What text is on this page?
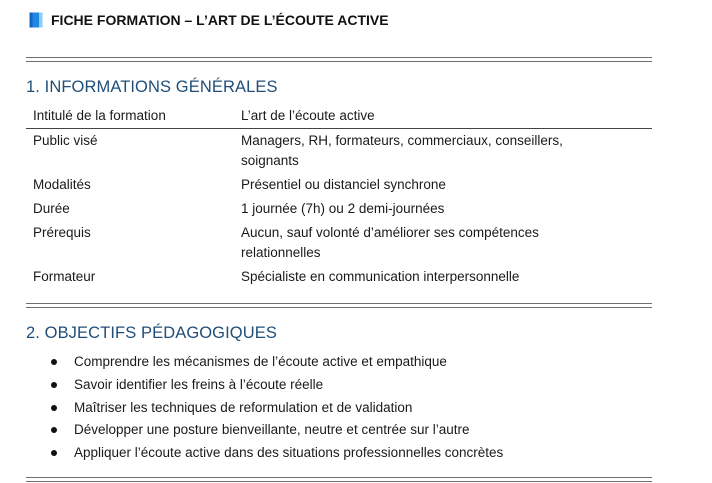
FICHE FORMATION – L’ART DE L’ÉCOUTE ACTIVE
1. INFORMATIONS GÉNÉRALES
Intitulé de la formation	L’art de l’écoute active
Public visé	Managers, RH, formateurs, commerciaux, conseillers, soignants
Modalités	Présentiel ou distanciel synchrone
Durée	1 journée (7h) ou 2 demi-journées
Prérequis	Aucun, sauf volonté d’améliorer ses compétences relationnelles
Formateur	Spécialiste en communication interpersonnelle
2. OBJECTIFS PÉDAGOGIQUES
Comprendre les mécanismes de l’écoute active et empathique
Savoir identifier les freins à l’écoute réelle
Maîtriser les techniques de reformulation et de validation
Développer une posture bienveillante, neutre et centrée sur l’autre
Appliquer l’écoute active dans des situations professionnelles concrètes
